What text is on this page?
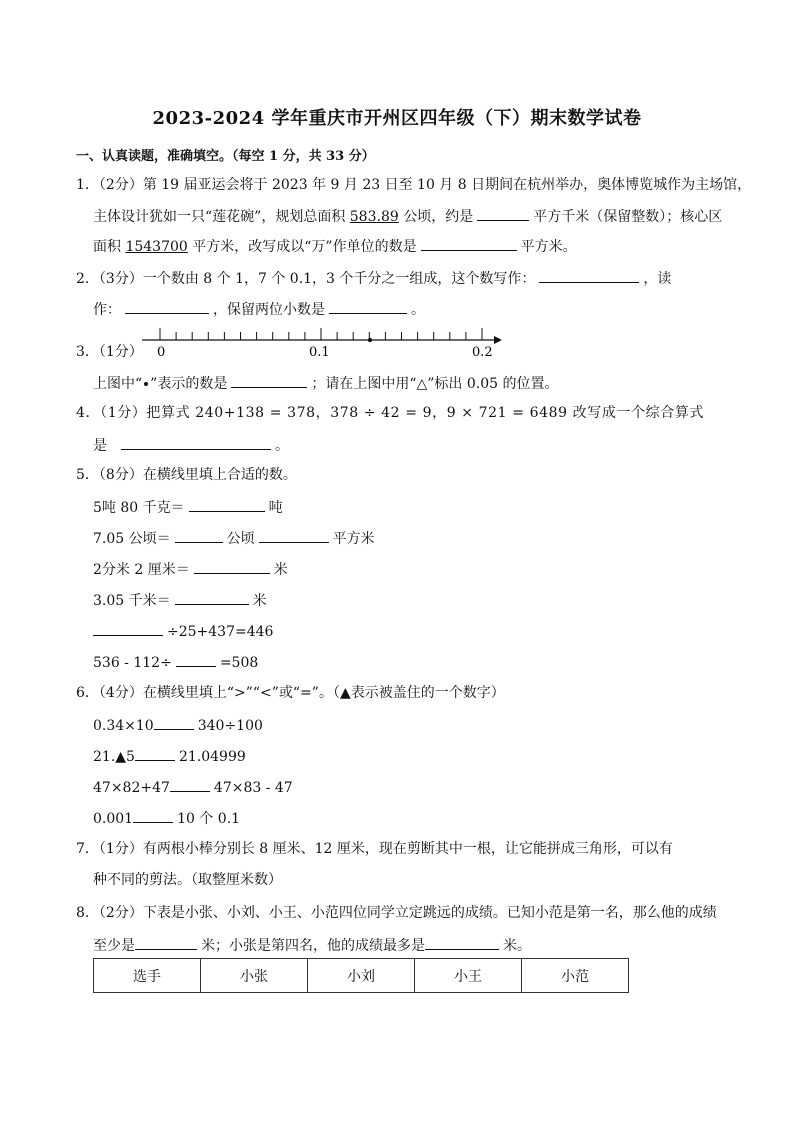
2023-2024 学年重庆市开州区四年级（下）期末数学试卷
一、认真读题，准确填空。（每空 1 分，共 33 分）
1．（2分）第 19 届亚运会将于 2023 年 9 月 23 日至 10 月 8 日期间在杭州举办，奥体博览城作为主场馆，
主体设计犹如一只“莲花碗”，规划总面积 583.89 公顷，约是	平方千米（保留整数）；核心区
面积 1543700 平方米，改写成以“万”作单位的数是	平方米。
2．（3分）一个数由 8 个 1，7 个 0.1，3 个千分之一组成，这个数写作：	，读
作：	，保留两位小数是	。
3．（1分） 0	0.1	0.2
上图中“ ”表示的数是	；请在上图中用“△”标出 0.05 的位置。
4．（1分）把算式 240+138 = 378，378 ÷ 42 = 9，9 × 721 = 6489 改写成一个综合算式
是	。
5．（8分）在横线里填上合适的数。
5吨 80 千克＝	吨
7.05 公顷＝	公顷	平方米
2分米 2 厘米＝	米
3.05 千米＝	米
÷25+437=446
536 - 112÷	=508
6．（4分）在横线里填上“>”“<”或“=”。（▲表示被盖住的一个数字）
0.34×10	340÷100
21.▲5	21.04999
47×82+47	47×83 - 47
0.001	10 个 0.1
7．（1分）有两根小棒分别长 8 厘米、12 厘米，现在剪断其中一根，让它能拼成三角形，可以有
种不同的剪法。（取整厘米数）
8．（2分）下表是小张、小刘、小王、小范四位同学立定跳远的成绩。已知小范是第一名，那么他的成绩
至少是	米；小张是第四名，他的成绩最多是	米。
选手	小张	小刘	小王	小范
